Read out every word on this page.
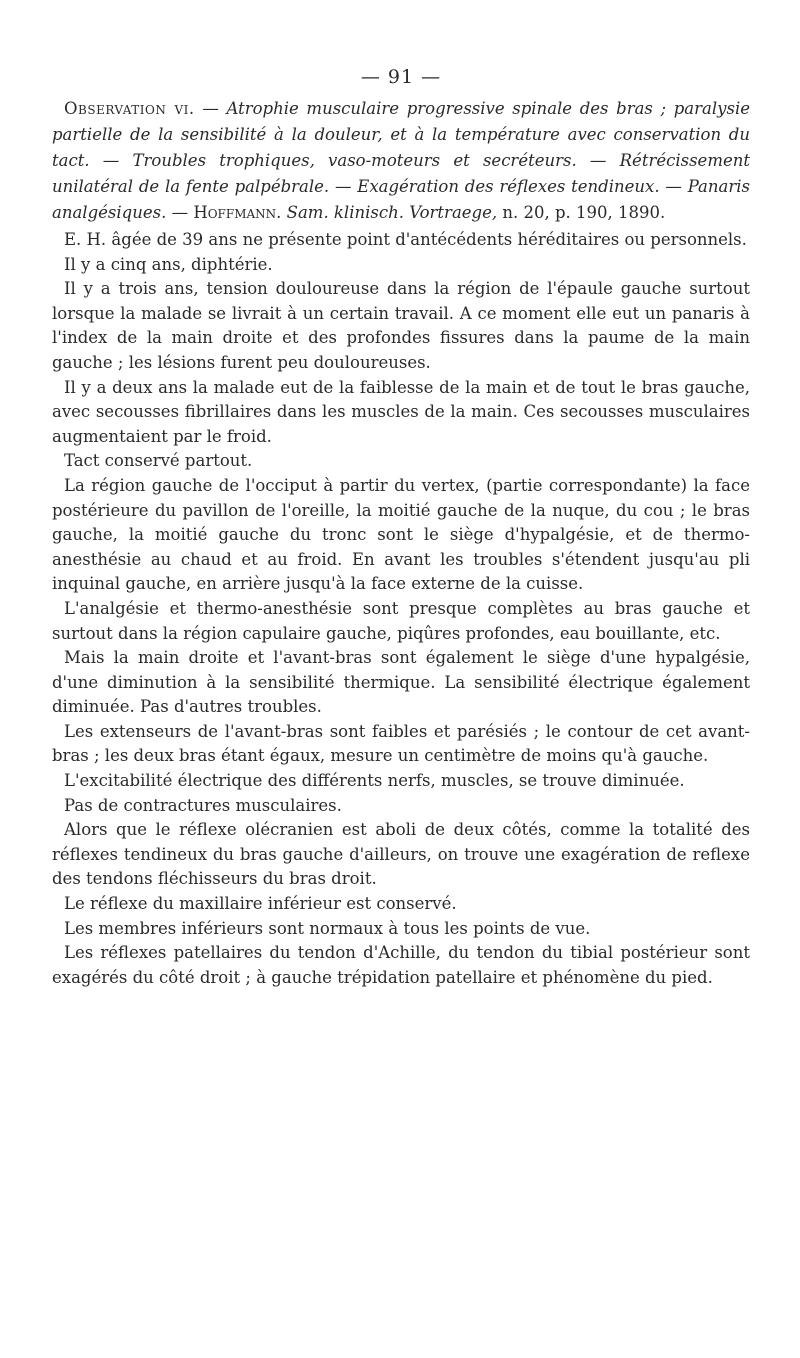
— 91 —
Observation vi. — Atrophie musculaire progressive spinale des bras ; paralysie partielle de la sensibilité à la douleur, et à la température avec conservation du tact. — Troubles trophiques, vaso-moteurs et secréteurs. — Rétrécissement unilatéral de la fente palpébrale. — Exagération des réflexes tendineux. — Panaris analgésiques. — Hoffmann. Sam. klinisch. Vortraege, n. 20, p. 190, 1890.

E. H. âgée de 39 ans ne présente point d'antécédents héréditaires ou personnels.

Il y a cinq ans, diphtérie.

Il y a trois ans, tension douloureuse dans la région de l'épaule gauche surtout lorsque la malade se livrait à un certain travail. A ce moment elle eut un panaris à l'index de la main droite et des profondes fissures dans la paume de la main gauche ; les lésions furent peu douloureuses.

Il y a deux ans la malade eut de la faiblesse de la main et de tout le bras gauche, avec secousses fibrillaires dans les muscles de la main. Ces secousses musculaires augmentaient par le froid.

Tact conservé partout.

La région gauche de l'occiput à partir du vertex, (partie correspondante) la face postérieure du pavillon de l'oreille, la moitié gauche de la nuque, du cou ; le bras gauche, la moitié gauche du tronc sont le siège d'hypalgésie, et de thermo-anesthésie au chaud et au froid. En avant les troubles s'étendent jusqu'au pli inquinal gauche, en arrière jusqu'à la face externe de la cuisse.

L'analgésie et thermo-anesthésie sont presque complètes au bras gauche et surtout dans la région capulaire gauche, piqûres profondes, eau bouillante, etc.

Mais la main droite et l'avant-bras sont également le siège d'une hypalgésie, d'une diminution à la sensibilité thermique. La sensibilité électrique également diminuée. Pas d'autres troubles.

Les extenseurs de l'avant-bras sont faibles et parésiés ; le contour de cet avant-bras ; les deux bras étant égaux, mesure un centimètre de moins qu'à gauche.

L'excitabilité électrique des différents nerfs, muscles, se trouve diminuée.

Pas de contractures musculaires.

Alors que le réflexe olécranien est aboli de deux côtés, comme la totalité des réflexes tendineux du bras gauche d'ailleurs, on trouve une exagération de reflexe des tendons fléchisseurs du bras droit.

Le réflexe du maxillaire inférieur est conservé.

Les membres inférieurs sont normaux à tous les points de vue.

Les réflexes patellaires du tendon d'Achille, du tendon du tibial postérieur sont exagérés du côté droit ; à gauche trépidation patellaire et phénomène du pied.
